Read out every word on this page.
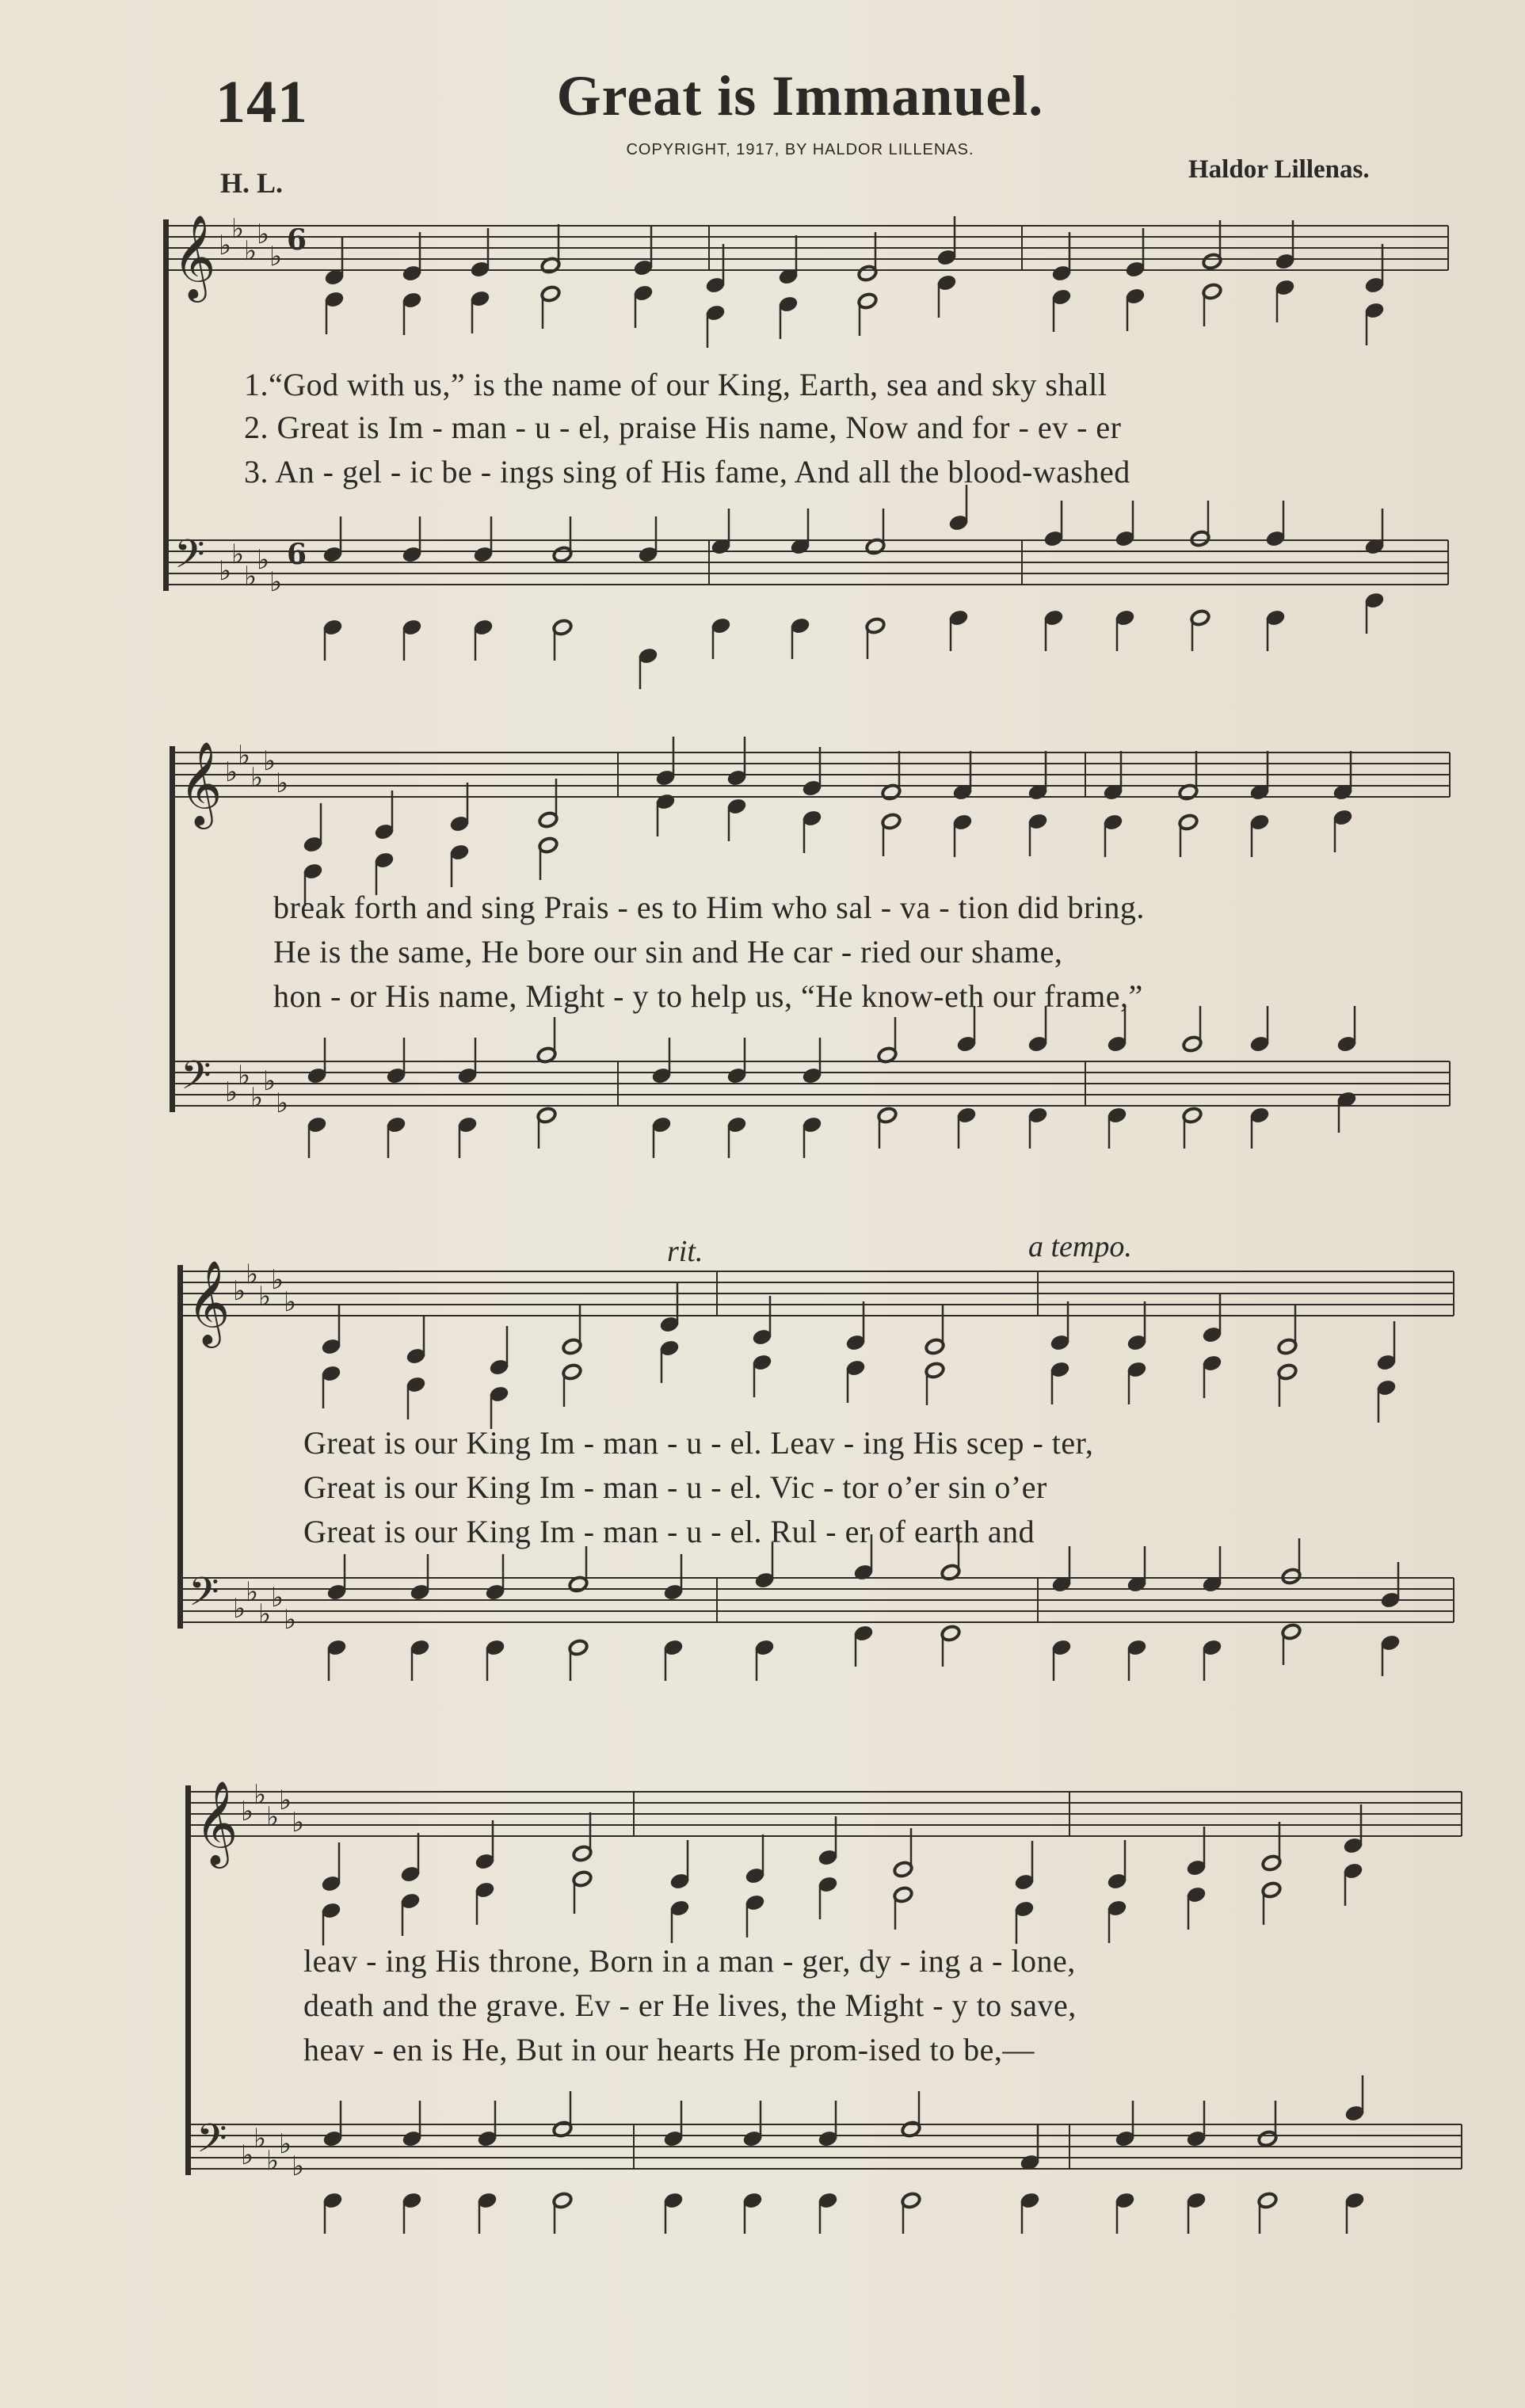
141	Great is Immanuel.
COPYRIGHT, 1917, BY HALDOR LILLENAS.
H. L.	Haldor Lillenas.
𝄞
𝄢
♭
♭
♭
♭
♭
♭
♭
♭
♭
♭
6
6
1.“God with us,” is the name of our King, Earth, sea and sky shall
2. Great is Im - man - u - el, praise His name, Now and for - ev - er
3. An - gel - ic be - ings sing of His fame, And all the blood-washed
𝄞
𝄢
♭
♭
♭
♭
♭
♭
♭
♭
♭
♭
break forth and sing Prais - es to Him who sal - va - tion did bring.
He is the same, He bore our sin and He car - ried our shame,
hon - or His name, Might - y to help us, “He know-eth our frame,”
rit.	a tempo.
𝄞
𝄢
♭
♭
♭
♭
♭
♭
♭
♭
♭
♭
Great is our King Im - man - u - el. Leav - ing His scep - ter,
Great is our King Im - man - u - el. Vic - tor o’er sin o’er
Great is our King Im - man - u - el. Rul - er of earth and
𝄞
𝄢
♭
♭
♭
♭
♭
♭
♭
♭
♭
♭
leav - ing His throne, Born in a man - ger, dy - ing a - lone,
death and the grave. Ev - er He lives, the Might - y to save,
heav - en is He, But in our hearts He prom-ised to be,—
